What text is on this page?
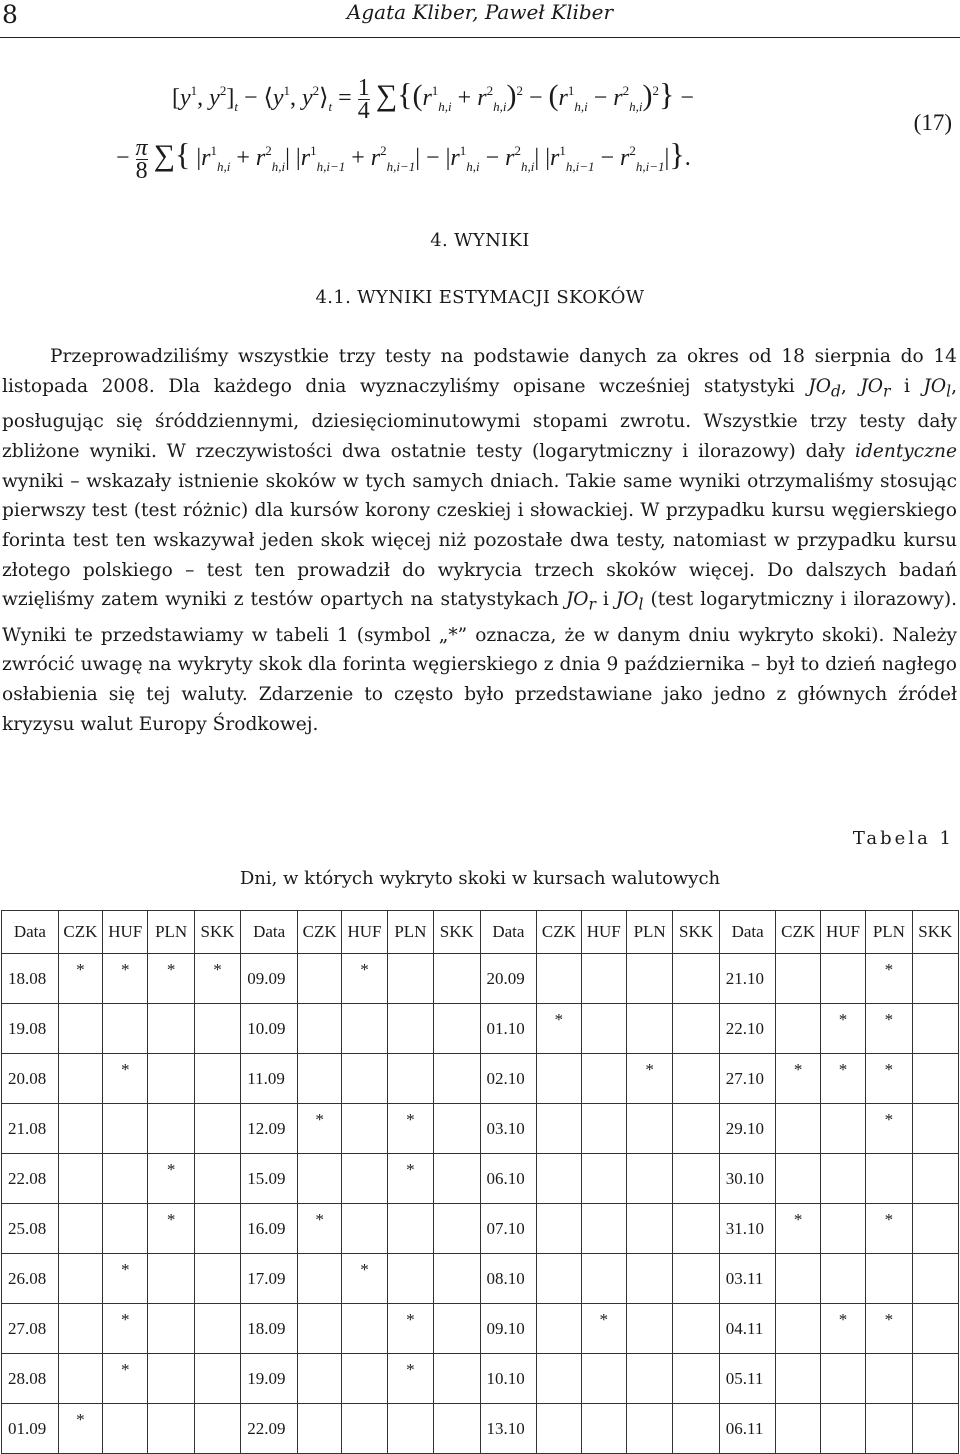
8	Agata Kliber, Paweł Kliber
[$y^1$, $y^2]_t$ − $⟨y^1$, $y^2⟩_t = \frac{1}{4} \sum\{(r^1_{h,i} + r^2_{h,i})^2 - (r^1_{h,i} - r^2_{h,i})^2\}$ −
− $\frac{\pi}{8}$ ∑{ $|r^1_{h,i} + r^2_{h,i}|$ $|r^1_{h,i-1} + r^2_{h,i-1}| - |r^1_{h,i} - r^2_{h,i}|$ $|r^1_{h,i-1} - r^2_{h,i-1}|$}.
(17)
4. WYNIKI
4.1. WYNIKI ESTYMACJI SKOKÓW

Przeprowadziliśmy wszystkie trzy testy na podstawie danych za okres od 18 sierpnia do 14 listopada 2008. Dla każdego dnia wyznaczyliśmy opisane wcześniej statystyki $JO_d$, $JO_r$ i $JO_l$, posługując się śróddziennymi, dziesięciominutowymi stopami zwrotu. Wszystkie trzy testy dały zbliżone wyniki. W rzeczywistości dwa ostatnie testy (logarytmiczny i ilorazowy) dały identyczne wyniki – wskazały istnienie skoków w tych samych dniach. Takie same wyniki otrzymaliśmy stosując pierwszy test (test różnic) dla kursów korony czeskiej i słowackiej. W przypadku kursu węgierskiego forinta test ten wskazywał jeden skok więcej niż pozostałe dwa testy, natomiast w przypadku kursu złotego polskiego – test ten prowadził do wykrycia trzech skoków więcej. Do dalszych badań wzięliśmy zatem wyniki z testów opartych na statystykach $JO_r$ i $JO_l$ (test logarytmiczny i ilorazowy). Wyniki te przedstawiamy w tabeli 1 (symbol „*” oznacza, że w danym dniu wykryto skoki). Należy zwrócić uwagę na wykryty skok dla forinta węgierskiego z dnia 9 października – był to dzień nagłego osłabienia się tej waluty. Zdarzenie to często było przedstawiane jako jedno z głównych źródeł kryzysu walut Europy Środkowej.

Tabela 1
Dni, w których wykryto skoki w kursach walutowych
Data	CZK	HUF	PLN	SKK	Data	CZK	HUF	PLN	SKK	Data	CZK	HUF	PLN	SKK	Data	CZK	HUF	PLN	SKK
18.08	*	*	*	*	09.09		*			20.09					21.10			*	
19.08					10.09					01.10	*				22.10		*	*	
20.08		*			11.09					02.10			*		27.10	*	*	*	
21.08					12.09	*		*		03.10					29.10			*	
22.08			*		15.09			*		06.10					30.10				
25.08			*		16.09	*				07.10					31.10	*		*	
26.08		*			17.09		*			08.10					03.11				
27.08		*			18.09			*		09.10		*			04.11		*	*	
28.08		*			19.09			*		10.10					05.11				
01.09	*				22.09					13.10					06.11				
